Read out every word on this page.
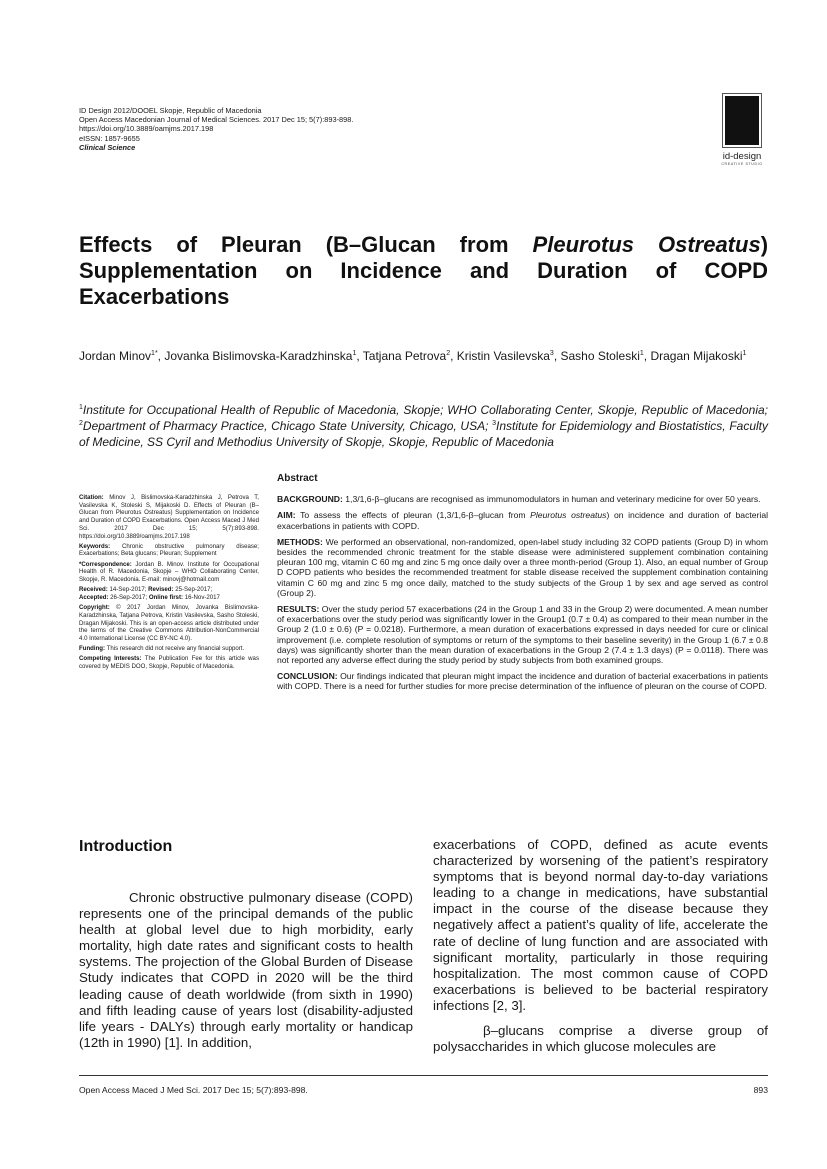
ID Design 2012/DOOEL Skopje, Republic of Macedonia
Open Access Macedonian Journal of Medical Sciences. 2017 Dec 15; 5(7):893-898.
https://doi.org/10.3889/oamjms.2017.198
eISSN: 1857-9655
Clinical Science
id-design
CREATIVE STUDIO
Effects of Pleuran (Β–Glucan from Pleurotus Ostreatus)
Supplementation on Incidence and Duration of COPD
Exacerbations
Jordan Minov$^{1*}$, Jovanka Bislimovska-Karadzhinska$^1$, Tatjana Petrova$^2$, Kristin Vasilevska$^3$, Sasho Stoleski$^1$, Dragan Mijakoski$^1$
$^1$Institute for Occupational Health of Republic of Macedonia, Skopje; WHO Collaborating Center, Skopje, Republic of Macedonia; $^2$Department of Pharmacy Practice, Chicago State University, Chicago, USA; $^3$Institute for Epidemiology and Biostatistics, Faculty of Medicine, SS Cyril and Methodius University of Skopje, Skopje, Republic of Macedonia

Citation: Minov J, Bislimovska-Karadzhinska J, Petrova T, Vasilevska K, Stoleski S, Mijakoski D. Effects of Pleuran (Β–Glucan from Pleurotus Ostreatus) Supplementation on Incidence and Duration of COPD Exacerbations. Open Access Maced J Med Sci. 2017 Dec 15; 5(7):893-898. https://doi.org/10.3889/oamjms.2017.198

Keywords: Chronic obstructive pulmonary disease; Exacerbations; Beta glucans; Pleuran; Supplement

*Correspondence: Jordan B. Minov. Institute for Occupational Health of R. Macedonia, Skopje – WHO Collaborating Center, Skopje, R. Macedonia. E-mail: minovj@hotmail.com

Received: 14-Sep-2017; Revised: 25-Sep-2017;
Accepted: 26-Sep-2017; Online first: 16-Nov-2017

Copyright: © 2017 Jordan Minov, Jovanka Bislimovska-Karadzhinska, Tatjana Petrova, Kristin Vasilevska, Sasho Stoleski, Dragan Mijakoski. This is an open-access article distributed under the terms of the Creative Commons Attribution-NonCommercial 4.0 International License (CC BY-NC 4.0).

Funding: This research did not receive any financial support.

Competing Interests: The Publication Fee for this article was covered by MEDIS DOO, Skopje, Republic of Macedonia.

Abstract

BACKGROUND: 1,3/1,6-β–glucans are recognised as immunomodulators in human and veterinary medicine for over 50 years.

AIM: To assess the effects of pleuran (1,3/1,6-β–glucan from Pleurotus ostreatus) on incidence and duration of bacterial exacerbations in patients with COPD.

METHODS: We performed an observational, non-randomized, open-label study including 32 COPD patients (Group D) in whom besides the recommended chronic treatment for the stable disease were administered supplement combination containing pleuran 100 mg, vitamin C 60 mg and zinc 5 mg once daily over a three month-period (Group 1). Also, an equal number of Group D COPD patients who besides the recommended treatment for stable disease received the supplement combination containing vitamin C 60 mg and zinc 5 mg once daily, matched to the study subjects of the Group 1 by sex and age served as control (Group 2).

RESULTS: Over the study period 57 exacerbations (24 in the Group 1 and 33 in the Group 2) were documented. A mean number of exacerbations over the study period was significantly lower in the Group1 (0.7 ± 0.4) as compared to their mean number in the Group 2 (1.0 ± 0.6) (P = 0.0218). Furthermore, a mean duration of exacerbations expressed in days needed for cure or clinical improvement (i.e. complete resolution of symptoms or return of the symptoms to their baseline severity) in the Group 1 (6.7 ± 0.8 days) was significantly shorter than the mean duration of exacerbations in the Group 2 (7.4 ± 1.3 days) (P = 0.0118). There was not reported any adverse effect during the study period by study subjects from both examined groups.

CONCLUSION: Our findings indicated that pleuran might impact the incidence and duration of bacterial exacerbations in patients with COPD. There is a need for further studies for more precise determination of the influence of pleuran on the course of COPD.

Introduction

Chronic obstructive pulmonary disease (COPD) represents one of the principal demands of the public health at global level due to high morbidity, early mortality, high date rates and significant costs to health systems. The projection of the Global Burden of Disease Study indicates that COPD in 2020 will be the third leading cause of death worldwide (from sixth in 1990) and fifth leading cause of years lost (disability-adjusted life years - DALYs) through early mortality or handicap (12th in 1990) [1]. In addition,

exacerbations of COPD, defined as acute events characterized by worsening of the patient’s respiratory symptoms that is beyond normal day-to-day variations leading to a change in medications, have substantial impact in the course of the disease because they negatively affect a patient’s quality of life, accelerate the rate of decline of lung function and are associated with significant mortality, particularly in those requiring hospitalization. The most common cause of COPD exacerbations is believed to be bacterial respiratory infections [2, 3].

β–glucans comprise a diverse group of polysaccharides in which glucose molecules are

Open Access Maced J Med Sci. 2017 Dec 15; 5(7):893-898.	893
